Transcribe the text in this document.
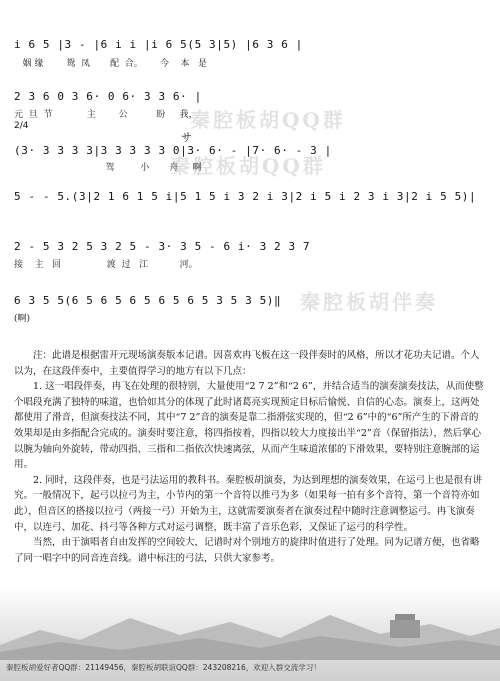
2/4
サ
i 6 5 |3 - |6 i i |i 6 5(5 3|5) |6 3 6 |
姻 缘        鸳  凤       配  合。      今    本   是
2 3 6 0 3 6· 0 6· 3 3 6· |
元  旦  节            主        公          盼     我，
(3· 3 3 3 3|3 3 3 3 3 0|3· 6· - |7· 6· - 3 |
驾         小       舟     啊
5 - - 5.(3|2 1 6 1 5 i|5 1 5 i 3 2 i 3|2 i 5 i 2 3 i 3|2 i 5 5)|
2 - 5 3 2 5 3 2 5 - 3· 3 5 - 6 i· 3 2 3 7
接    主   回                渡  过   江           河。
6 3 5 5(6 5 6 5 6 5 6 5 6 5 3 5 3 5)‖
(啊)
秦腔板胡QQ群
秦腔板胡QQ群
秦腔板胡伴奏

注：此谱是根据雷开元现场演奏版本记谱。因喜欢冉飞板在这一段伴奏时的风格，所以才花功夫记谱。个人以为，在这段伴奏中，主要值得学习的地方有以下几点：

1. 这一唱段伴奏，冉飞在处理的很特别，大量使用“2 7 2”和“2 6”，并结合适当的演奏演奏技法，从而使整个唱段充满了独特的味道，也恰如其分的体现了此时诸葛亮实现预定目标后愉悦、自信的心态。演奏上，这两处都使用了滑音，但演奏技法不同，其中“7 2”音的演奏是靠二指滑弦实现的，但“2 6”中的“6”所产生的下滑音的效果却是由多指配合完成的。演奏时要注意，将四指按着，四指以较大力度接出半“2”音（保留指法），然后掌心以腕为轴向外旋转，带动四指、三指和二指依次快速离弦，从而产生味道浓郁的下滑效果，要特别注意腕部的运用。

2. 同时，这段伴奏，也是弓法运用的教科书。秦腔板胡演奏，为达到理想的演奏效果，在运弓上也是很有讲究。一般情况下，起弓以拉弓为主，小节内的第一个音符以推弓为多（如果每一拍有多个音符，第一个音符亦如此），但音区的搭接以拉弓（两接一弓）开始为主，这就需要演奏者在演奏过程中随时注意调整运弓。冉飞演奏中，以连弓、加花、抖弓等各种方式对运弓调整，既丰富了音乐色彩，又保证了运弓的科学性。

当然，由于演唱者自由发挥的空间较大，记谱时对个别地方的旋律时值进行了处理。同为记谱方便，也省略了同一唱字中的同音连音线。谱中标注的弓法，只供大家参考。

秦腔板胡爱好者QQ群：21149456，秦腔板胡联谊QQ群：243208216，欢迎入群交流学习！
